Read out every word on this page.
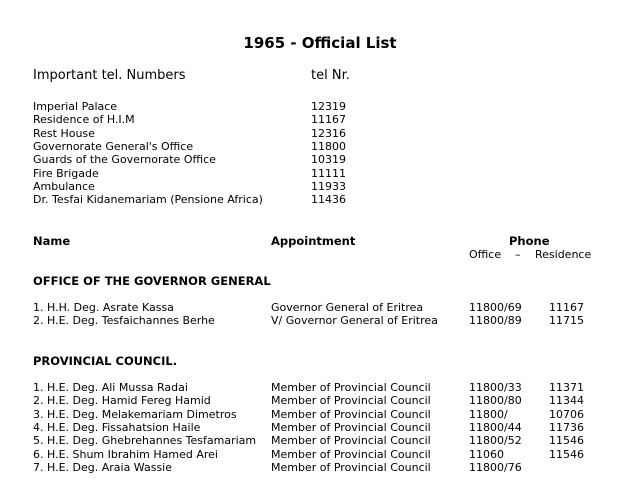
1965 - Official List
Important tel. Numbers	tel Nr.
Imperial Palace	12319
Residence of H.I.M	11167
Rest House	12316
Governorate General's Office	11800
Guards of the Governorate Office	10319
Fire Brigade	11111
Ambulance	11933
Dr. Tesfai Kidanemariam (Pensione Africa)	11436
Name	Appointment	Phone
Office – Residence
OFFICE OF THE GOVERNOR GENERAL
1. H.H. Deg. Asrate Kassa	Governor General of Eritrea	11800/69 11167
2. H.E. Deg. Tesfaichannes Berhe	V/ Governor General of Eritrea	11800/89 11715
PROVINCIAL COUNCIL.
1. H.E. Deg. Ali Mussa Radai	Member of Provincial Council	11800/33 11371
2. H.E. Deg. Hamid Fereg Hamid	Member of Provincial Council	11800/80 11344
3. H.E. Deg. Melakemariam Dimetros	Member of Provincial Council	11800/	10706
4. H.E. Deg. Fissahatsion Haile	Member of Provincial Council	11800/44 11736
5. H.E. Deg. Ghebrehannes Tesfamariam Member of Provincial Council	11800/52 11546
6. H.E. Shum Ibrahim Hamed Arei	Member of Provincial Council	11060	11546
7. H.E. Deg. Araia Wassie	Member of Provincial Council	11800/76
